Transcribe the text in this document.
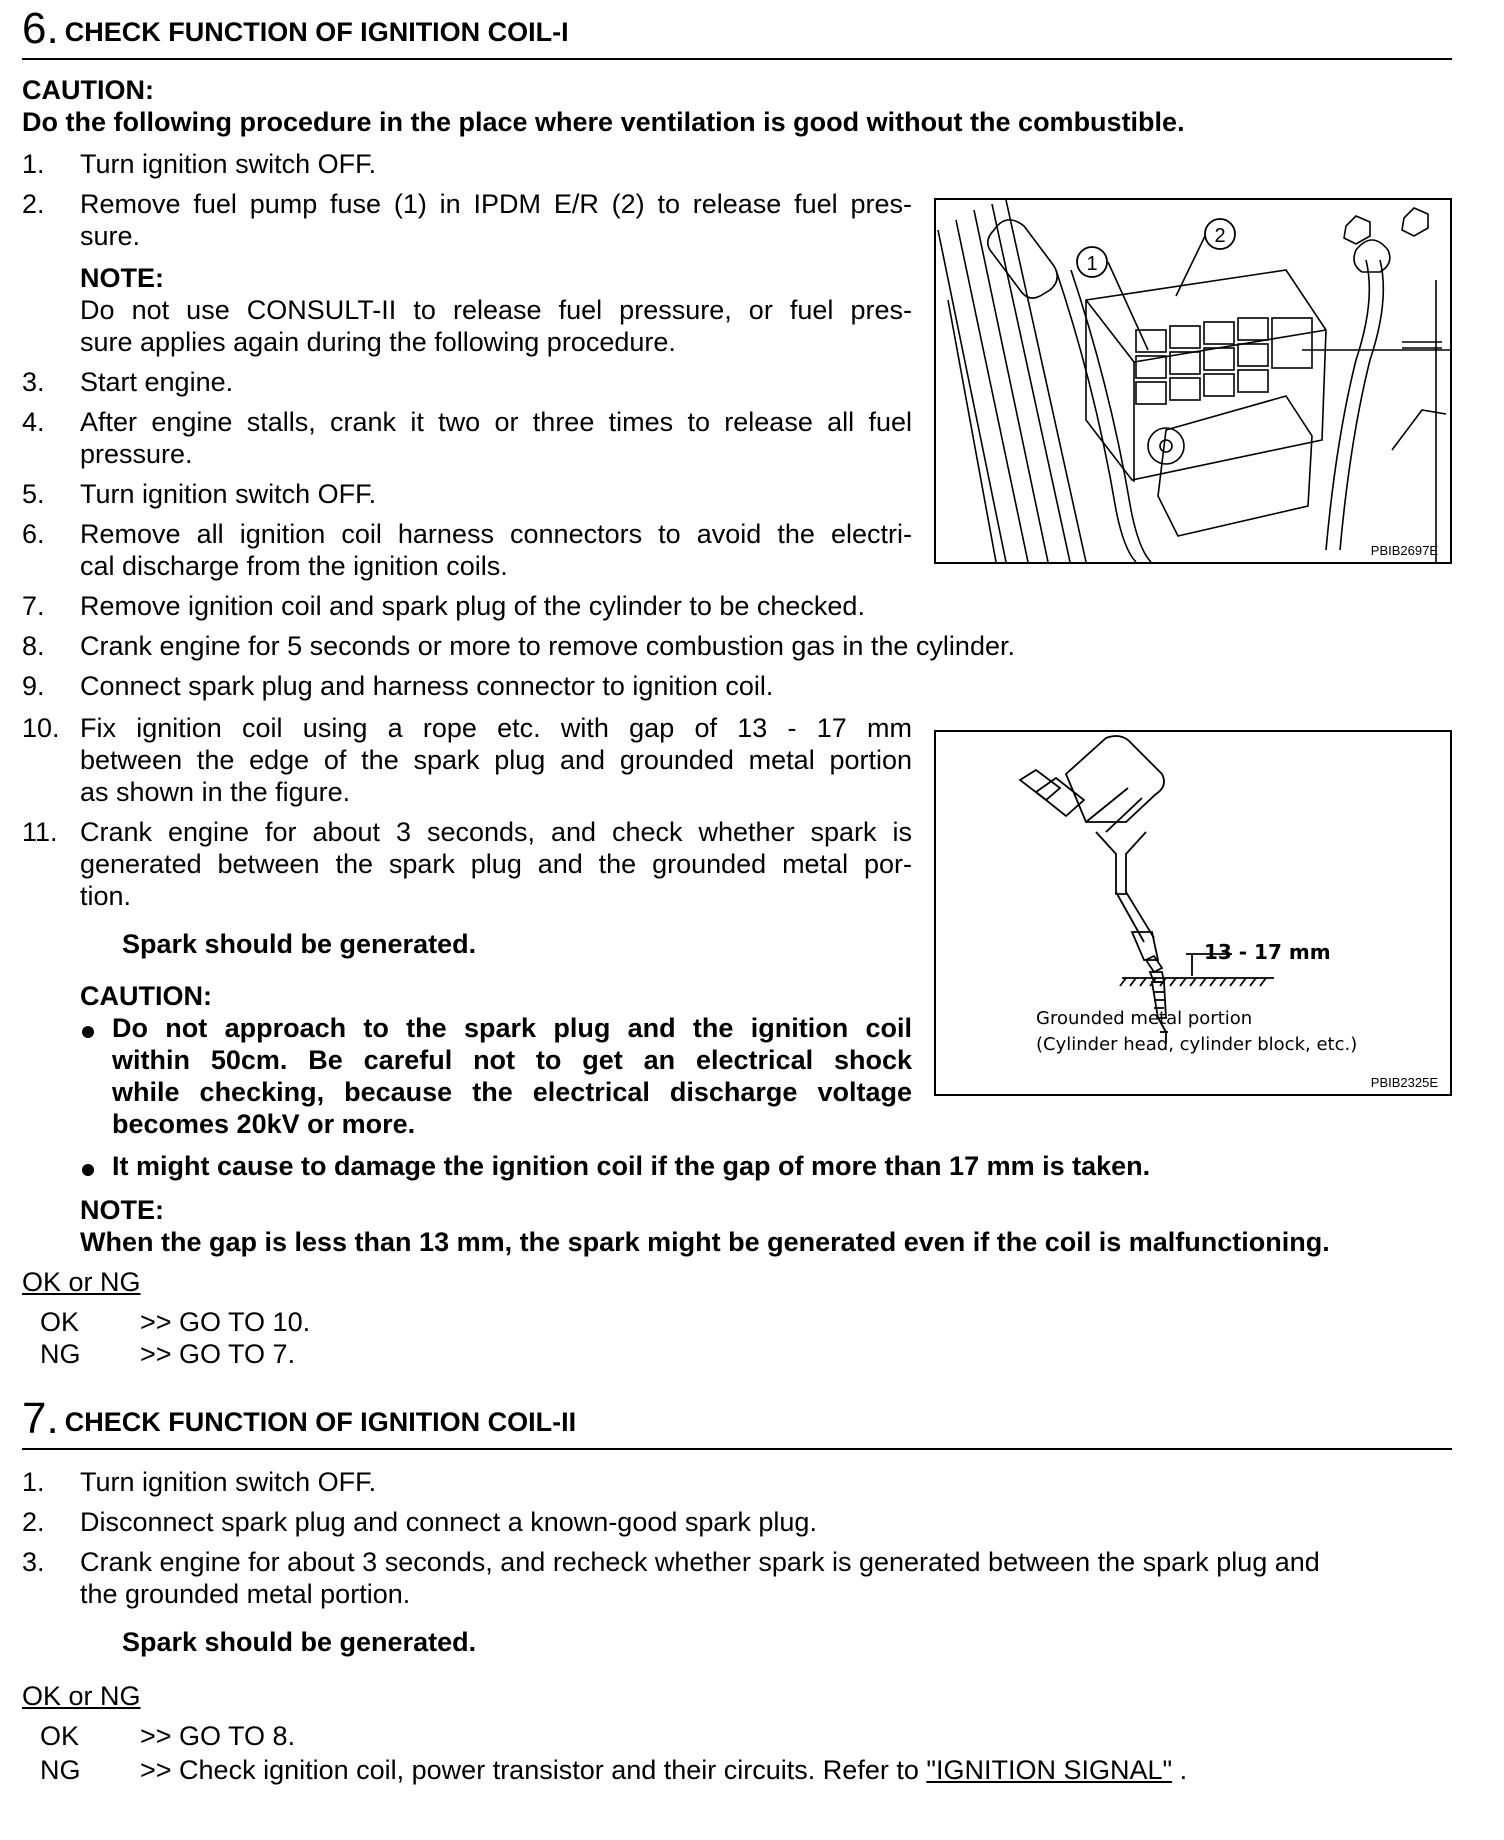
6. CHECK FUNCTION OF IGNITION COIL-I
CAUTION:
Do the following procedure in the place where ventilation is good without the combustible.
1. Turn ignition switch OFF.
2. Remove fuel pump fuse (1) in IPDM E/R (2) to release fuel pres-
sure.
NOTE:
Do not use CONSULT-II to release fuel pressure, or fuel pres-
sure applies again during the following procedure.
3. Start engine.
4. After engine stalls, crank it two or three times to release all fuel
pressure.
5. Turn ignition switch OFF.
6. Remove all ignition coil harness connectors to avoid the electri-
cal discharge from the ignition coils.
7. Remove ignition coil and spark plug of the cylinder to be checked.
8. Crank engine for 5 seconds or more to remove combustion gas in the cylinder.
9. Connect spark plug and harness connector to ignition coil.
10. Fix ignition coil using a rope etc. with gap of 13 - 17 mm
between the edge of the spark plug and grounded metal portion
as shown in the figure.
11. Crank engine for about 3 seconds, and check whether spark is
generated between the spark plug and the grounded metal por-
tion.
Spark should be generated.
CAUTION:
Do not approach to the spark plug and the ignition coil
within 50cm. Be careful not to get an electrical shock
while checking, because the electrical discharge voltage
becomes 20kV or more.
It might cause to damage the ignition coil if the gap of more than 17 mm is taken.
NOTE:
When the gap is less than 13 mm, the spark might be generated even if the coil is malfunctioning.
OK or NG
OK >> GO TO 10.
NG >> GO TO 7.
1
2
PBIB2697E
13 - 17 mm
Grounded metal portion
(Cylinder head, cylinder block, etc.)
PBIB2325E
7. CHECK FUNCTION OF IGNITION COIL-II
1. Turn ignition switch OFF.
2. Disconnect spark plug and connect a known-good spark plug.
3. Crank engine for about 3 seconds, and recheck whether spark is generated between the spark plug and
the grounded metal portion.
Spark should be generated.
OK or NG
OK >> GO TO 8.
NG >> Check ignition coil, power transistor and their circuits. Refer to "IGNITION SIGNAL" .
